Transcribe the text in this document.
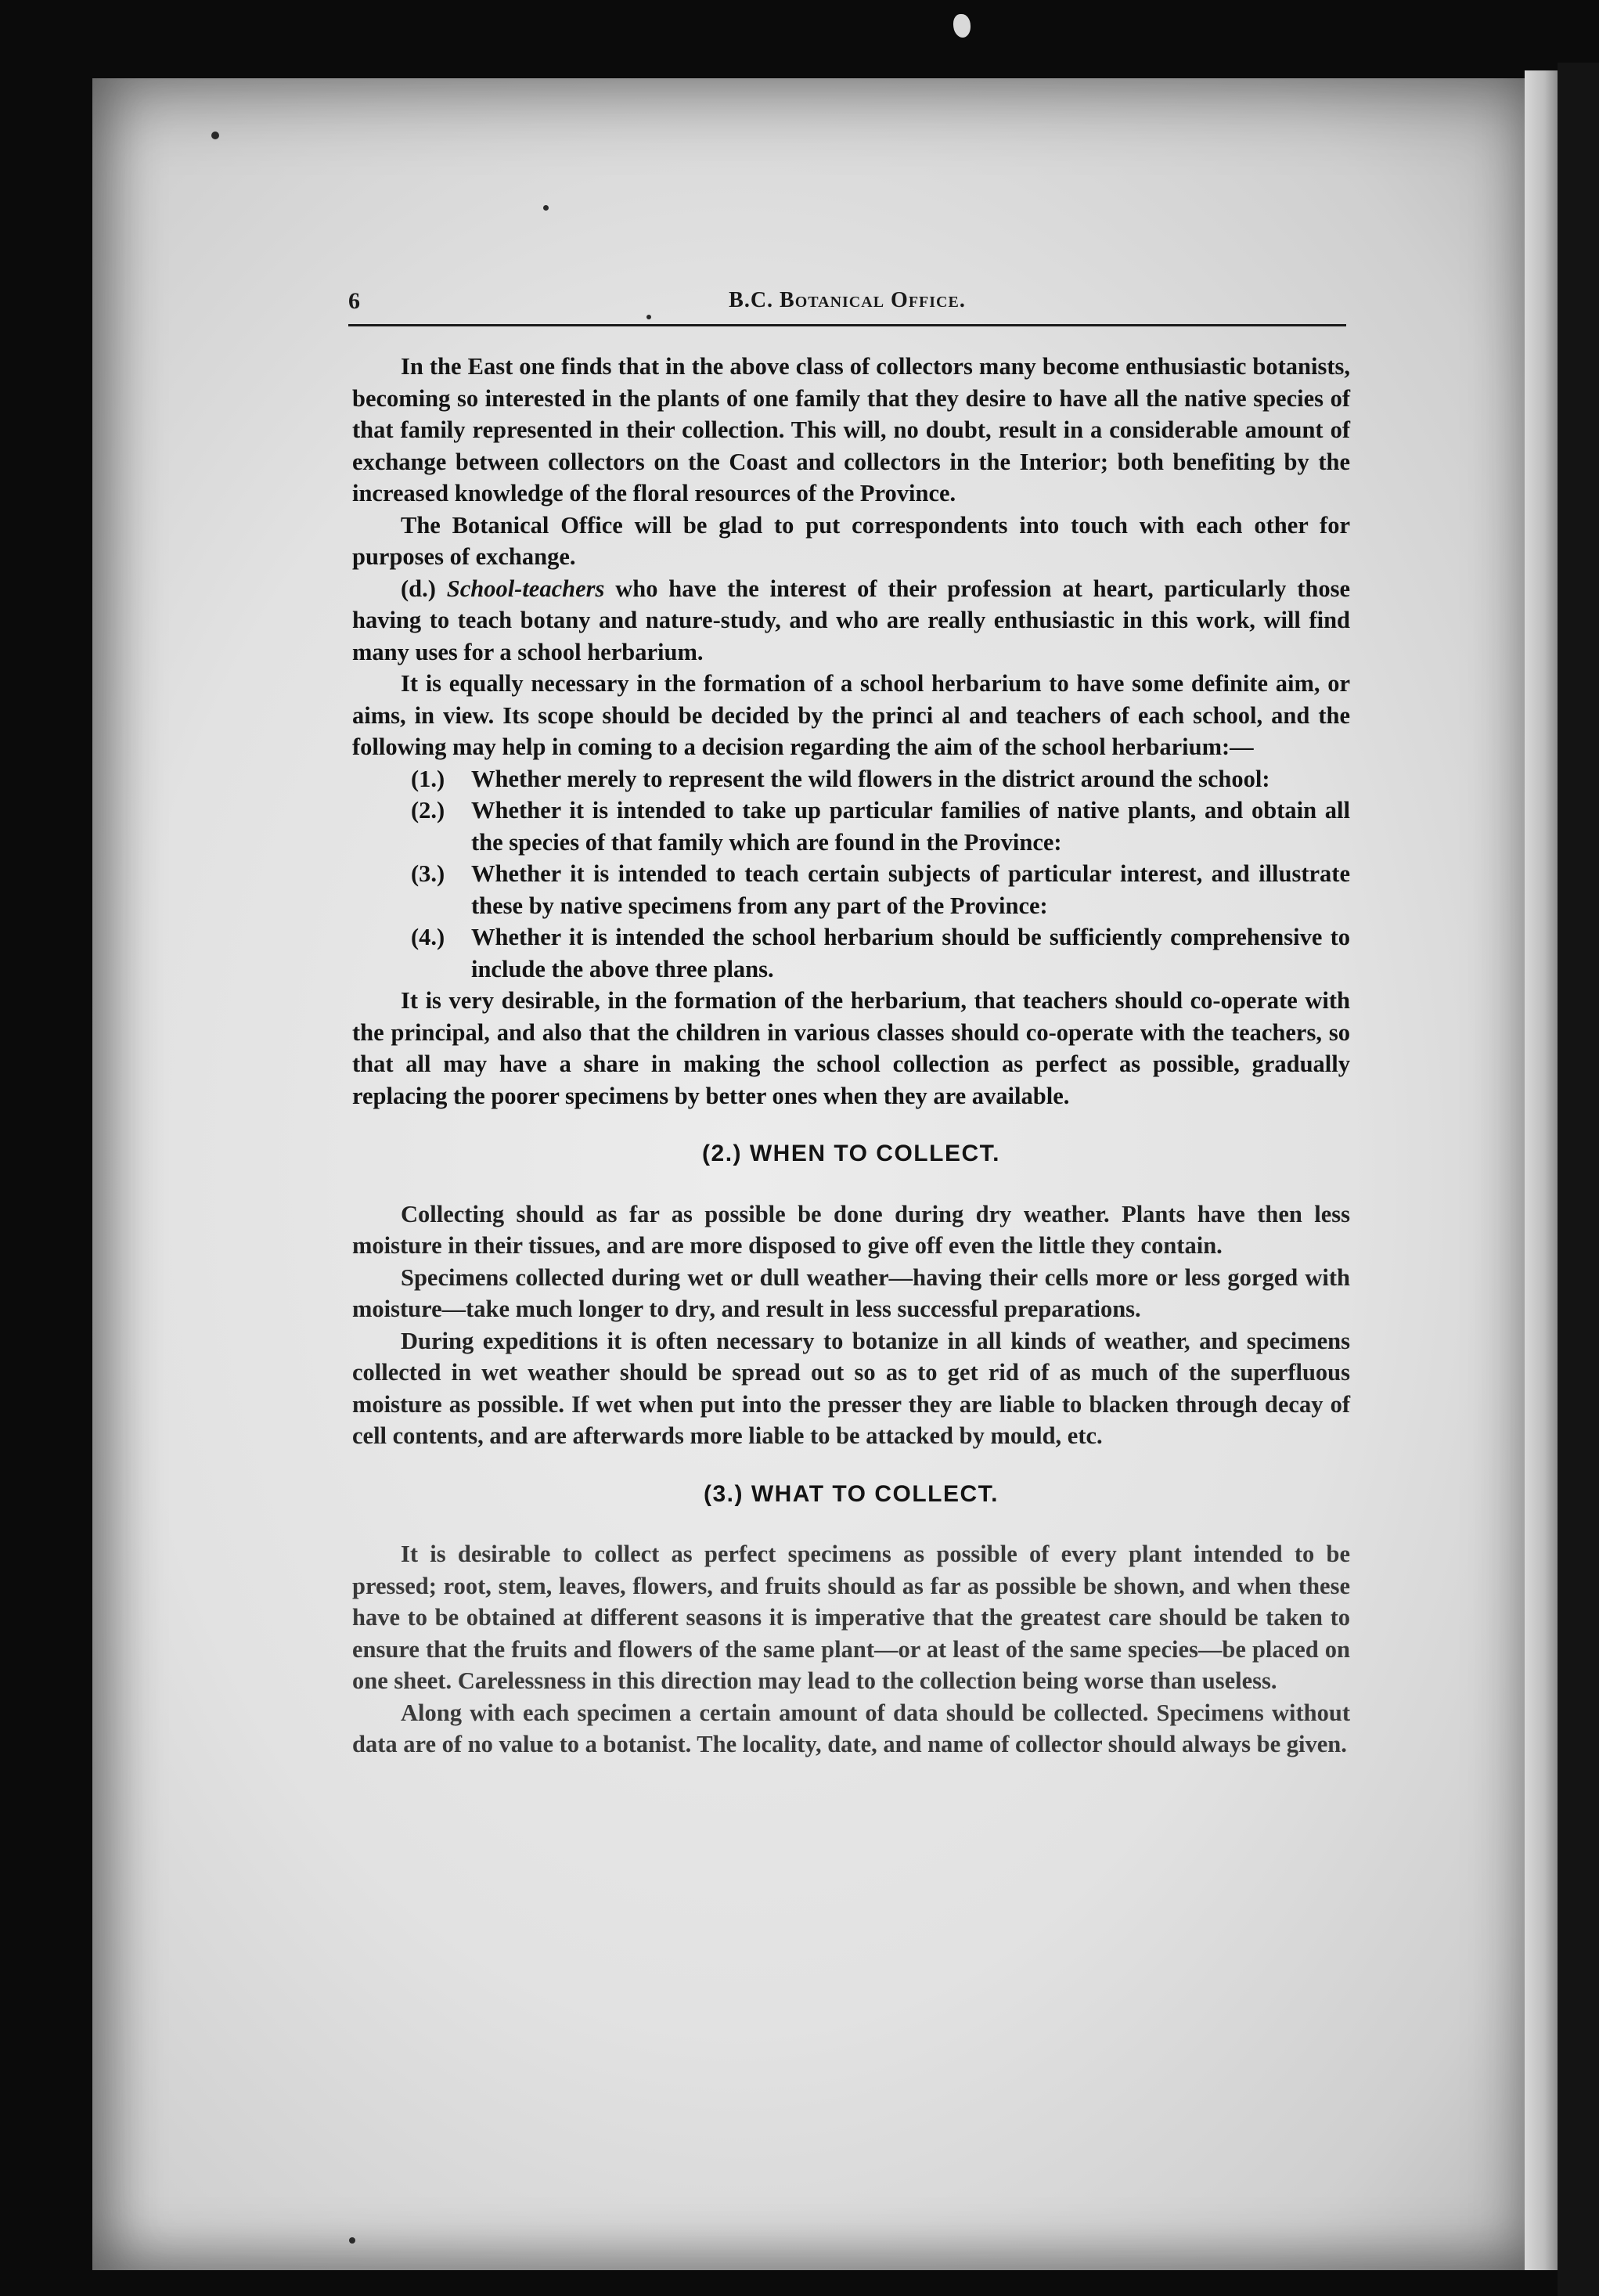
6	B.C. Botanical Office.

In the East one finds that in the above class of collectors many become enthusiastic botanists, becoming so interested in the plants of one family that they desire to have all the native species of that family represented in their collection. This will, no doubt, result in a considerable amount of exchange between collectors on the Coast and collectors in the Interior; both benefiting by the increased knowledge of the floral resources of the Province.

The Botanical Office will be glad to put correspondents into touch with each other for purposes of exchange.

(d.) School-teachers who have the interest of their profession at heart, particularly those having to teach botany and nature-study, and who are really enthusiastic in this work, will find many uses for a school herbarium.

It is equally necessary in the formation of a school herbarium to have some definite aim, or aims, in view. Its scope should be decided by the princi al and teachers of each school, and the following may help in coming to a decision regarding the aim of the school herbarium:—

(1.) Whether merely to represent the wild flowers in the district around the school:
(2.) Whether it is intended to take up particular families of native plants, and obtain all the species of that family which are found in the Province:
(3.) Whether it is intended to teach certain subjects of particular interest, and illustrate these by native specimens from any part of the Province:
(4.) Whether it is intended the school herbarium should be sufficiently comprehensive to include the above three plans.

It is very desirable, in the formation of the herbarium, that teachers should co-operate with the principal, and also that the children in various classes should co-operate with the teachers, so that all may have a share in making the school collection as perfect as possible, gradually replacing the poorer specimens by better ones when they are available.

(2.) WHEN TO COLLECT.

Collecting should as far as possible be done during dry weather. Plants have then less moisture in their tissues, and are more disposed to give off even the little they contain.

Specimens collected during wet or dull weather—having their cells more or less gorged with moisture—take much longer to dry, and result in less successful preparations.

During expeditions it is often necessary to botanize in all kinds of weather, and specimens collected in wet weather should be spread out so as to get rid of as much of the superfluous moisture as possible. If wet when put into the presser they are liable to blacken through decay of cell contents, and are afterwards more liable to be attacked by mould, etc.

(3.) WHAT TO COLLECT.

It is desirable to collect as perfect specimens as possible of every plant intended to be pressed; root, stem, leaves, flowers, and fruits should as far as possible be shown, and when these have to be obtained at different seasons it is imperative that the greatest care should be taken to ensure that the fruits and flowers of the same plant—or at least of the same species—be placed on one sheet. Carelessness in this direction may lead to the collection being worse than useless.

Along with each specimen a certain amount of data should be collected. Specimens without data are of no value to a botanist. The locality, date, and name of collector should always be given.
